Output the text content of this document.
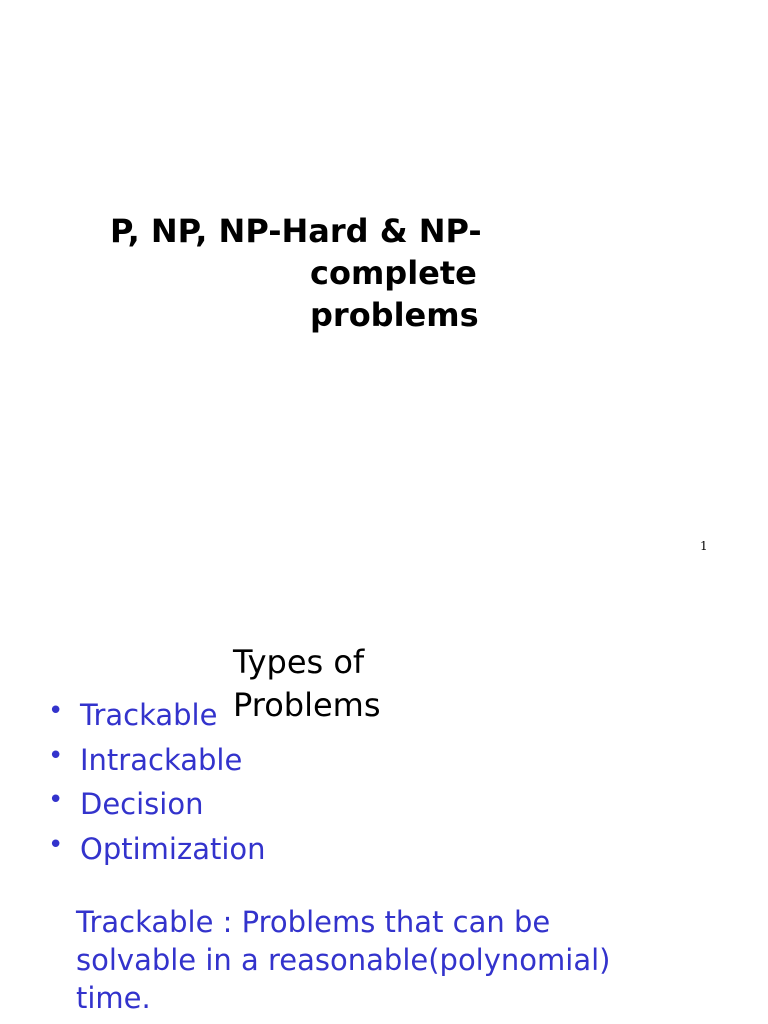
P, NP, NP-Hard & NP-
complete
problems
1
• Trackable
• Intrackable
• Decision
• Optimization
Types of
Problems
Trackable : Problems that can be solvable in a reasonable(polynomial) time.
